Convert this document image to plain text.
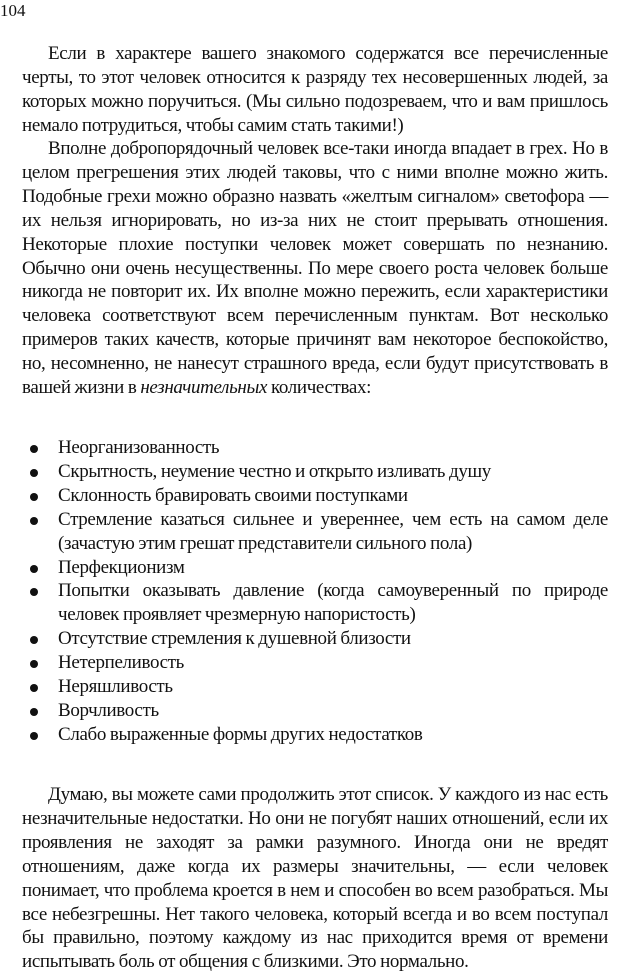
104

Если в характере вашего знакомого содержатся все перечисленные черты, то этот человек относится к разряду тех несовершенных людей, за которых можно поручиться. (Мы сильно подозреваем, что и вам пришлось немало потрудиться, чтобы самим стать такими!)

Вполне добропорядочный человек все-таки иногда впадает в грех. Но в целом прегрешения этих людей таковы, что с ними вполне можно жить. Подобные грехи можно образно назвать «желтым сигналом» светофора — их нельзя игнорировать, но из-за них не стоит прерывать отношения. Некоторые плохие поступки человек может совершать по незнанию. Обычно они очень несущественны. По мере своего роста человек больше никогда не повторит их. Их вполне можно пережить, если характеристики человека соответствуют всем перечисленным пунктам. Вот несколько примеров таких качеств, которые причинят вам некоторое беспокойство, но, несомненно, не нанесут страшного вреда, если будут присутствовать в вашей жизни в незначительных количествах:

Неорганизованность
Скрытность, неумение честно и открыто изливать душу
Склонность бравировать своими поступками
Стремление казаться сильнее и увереннее, чем есть на самом деле (зачастую этим грешат представители сильного пола)
Перфекционизм
Попытки оказывать давление (когда самоуверенный по природе человек проявляет чрезмерную напористость)
Отсутствие стремления к душевной близости
Нетерпеливость
Неряшливость
Ворчливость
Слабо выраженные формы других недостатков

Думаю, вы можете сами продолжить этот список. У каждого из нас есть незначительные недостатки. Но они не погубят наших отношений, если их проявления не заходят за рамки разумного. Иногда они не вредят отношениям, даже когда их размеры значительны, — если человек понимает, что проблема кроется в нем и способен во всем разобраться. Мы все небезгрешны. Нет такого человека, который всегда и во всем поступал бы правильно, поэтому каждому из нас приходится время от времени испытывать боль от общения с близкими. Это нормально.
